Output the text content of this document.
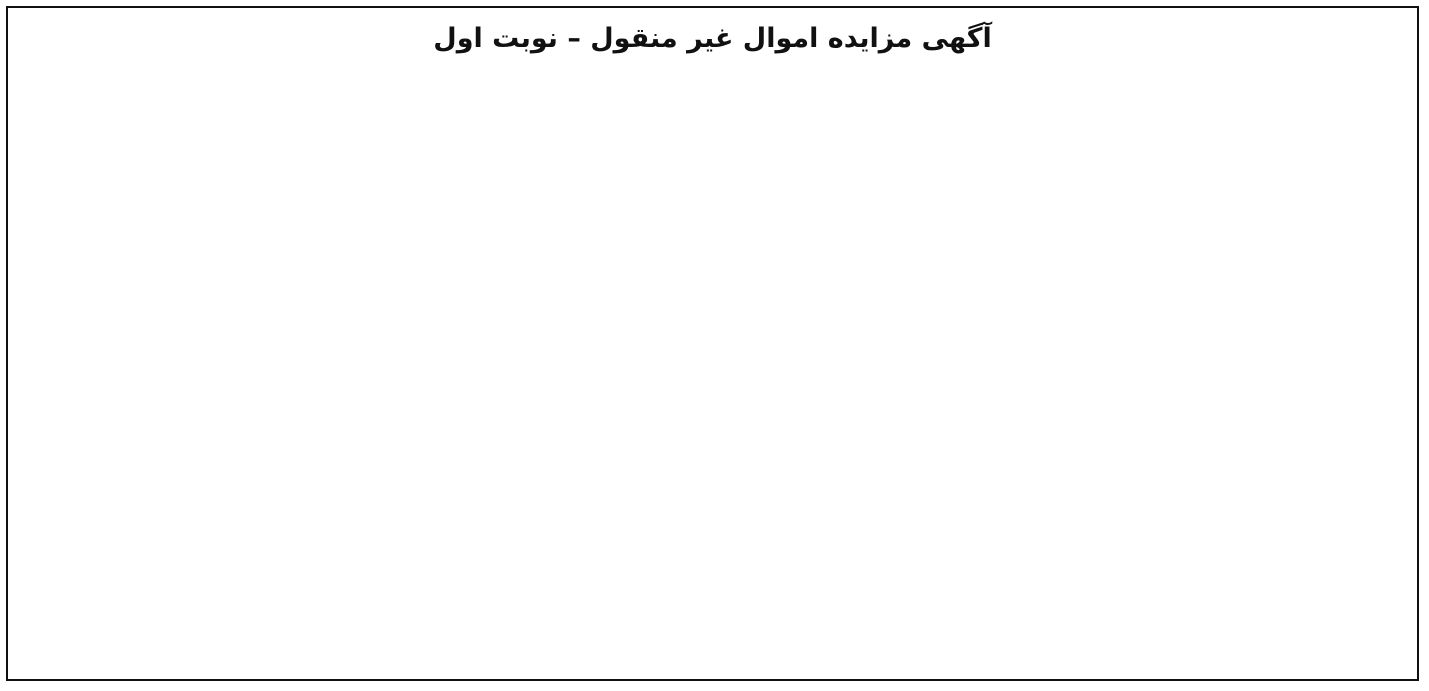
آگهی مزایده اموال غیر منقول – نوبت اول
